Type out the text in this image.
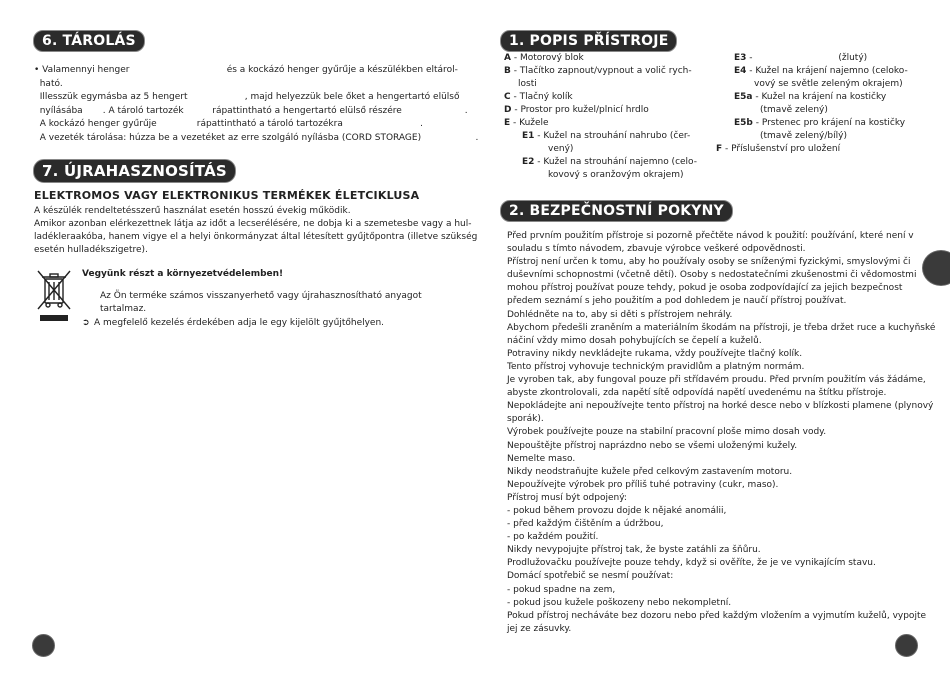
6. TÁROLÁS
• Valamennyi henger                                  és a kockázó henger gyűrűje a készülékben eltárol-
ható.
Illesszük egymásba az 5 hengert                    , majd helyezzük bele őket a hengertartó elülső
nyílásába       . A tároló tartozék          rápattintható a hengertartó elülső részére                      .
A kockázó henger gyűrűje              rápattintható a tároló tartozékra                           .
A vezeték tárolása: húzza be a vezetéket az erre szolgáló nyílásba (CORD STORAGE)                   .
7. ÚJRAHASZNOSÍTÁS
ELEKTROMOS VAGY ELEKTRONIKUS TERMÉKEK ÉLETCIKLUSA
A készülék rendeltetésszerű használat esetén hosszú évekig működik.
Amikor azonban elérkezettnek látja az időt a lecserélésére, ne dobja ki a szemetesbe vagy a hul-
ladékleraakóba, hanem vigye el a helyi önkormányzat által létesített gyűjtőpontra (illetve szükség
esetén hulladékszigetre).
Vegyünk részt a környezetvédelemben!
Az Ön terméke számos visszanyerhető vagy újrahasznosítható anyagot
tartalmaz.
➲ A megfelelő kezelés érdekében adja le egy kijelölt gyűjtőhelyen.
1. POPIS PŘÍSTROJE
A - Motorový blok
B - Tlačítko zapnout/vypnout a volič rych-
losti
C - Tlačný kolík
D - Prostor pro kužel/plnicí hrdlo
E - Kužele
E1 - Kužel na strouhání nahrubo (čer-
vený)
E2 - Kužel na strouhání najemno (celo-
kovový s oranžovým okrajem)
E3 -                              (žlutý)
E4 - Kužel na krájení najemno (celoko-
vový se světle zeleným okrajem)
E5a - Kužel na krájení na kostičky
(tmavě zelený)
E5b - Prstenec pro krájení na kostičky
(tmavě zelený/bílý)
F - Příslušenství pro uložení
2. BEZPEČNOSTNÍ POKYNY
Před prvním použitím přístroje si pozorně přečtěte návod k použití: používání, které není v
souladu s tímto návodem, zbavuje výrobce veškeré odpovědnosti.
Přístroj není určen k tomu, aby ho používaly osoby se sníženými fyzickými, smyslovými či
duševními schopnostmi (včetně dětí). Osoby s nedostatečními zkušenostmi či vědomostmi
mohou přístroj používat pouze tehdy, pokud je osoba zodpovídající za jejich bezpečnost
předem seznámí s jeho použitím a pod dohledem je naučí přístroj používat.
Dohlédněte na to, aby si děti s přístrojem nehrály.
Abychom předešli zraněním a materiálním škodám na přístroji, je třeba držet ruce a kuchyňské
náčiní vždy mimo dosah pohybujících se čepelí a kuželů.
Potraviny nikdy nevkládejte rukama, vždy používejte tlačný kolík.
Tento přístroj vyhovuje technickým pravidlům a platným normám.
Je vyroben tak, aby fungoval pouze při střídavém proudu. Před prvním použitím vás žádáme,
abyste zkontrolovali, zda napětí sítě odpovídá napětí uvedenému na štítku přístroje.
Nepokládejte ani nepoužívejte tento přístroj na horké desce nebo v blízkosti plamene (plynový
sporák).
Výrobek používejte pouze na stabilní pracovní ploše mimo dosah vody.
Nepouštějte přístroj naprázdno nebo se všemi uloženými kužely.
Nemelte maso.
Nikdy neodstraňujte kužele před celkovým zastavením motoru.
Nepoužívejte výrobek pro příliš tuhé potraviny (cukr, maso).
Přístroj musí být odpojený:
- pokud během provozu dojde k nějaké anomálii,
- před každým čištěním a údržbou,
- po každém použití.
Nikdy nevypojujte přístroj tak, že byste zatáhli za šňůru.
Prodlužovačku používejte pouze tehdy, když si ověříte, že je ve vynikajícím stavu.
Domácí spotřebič se nesmí používat:
- pokud spadne na zem,
- pokud jsou kužele poškozeny nebo nekompletní.
Pokud přístroj necháváte bez dozoru nebo před každým vložením a vyjmutím kuželů, vypojte
jej ze zásuvky.
